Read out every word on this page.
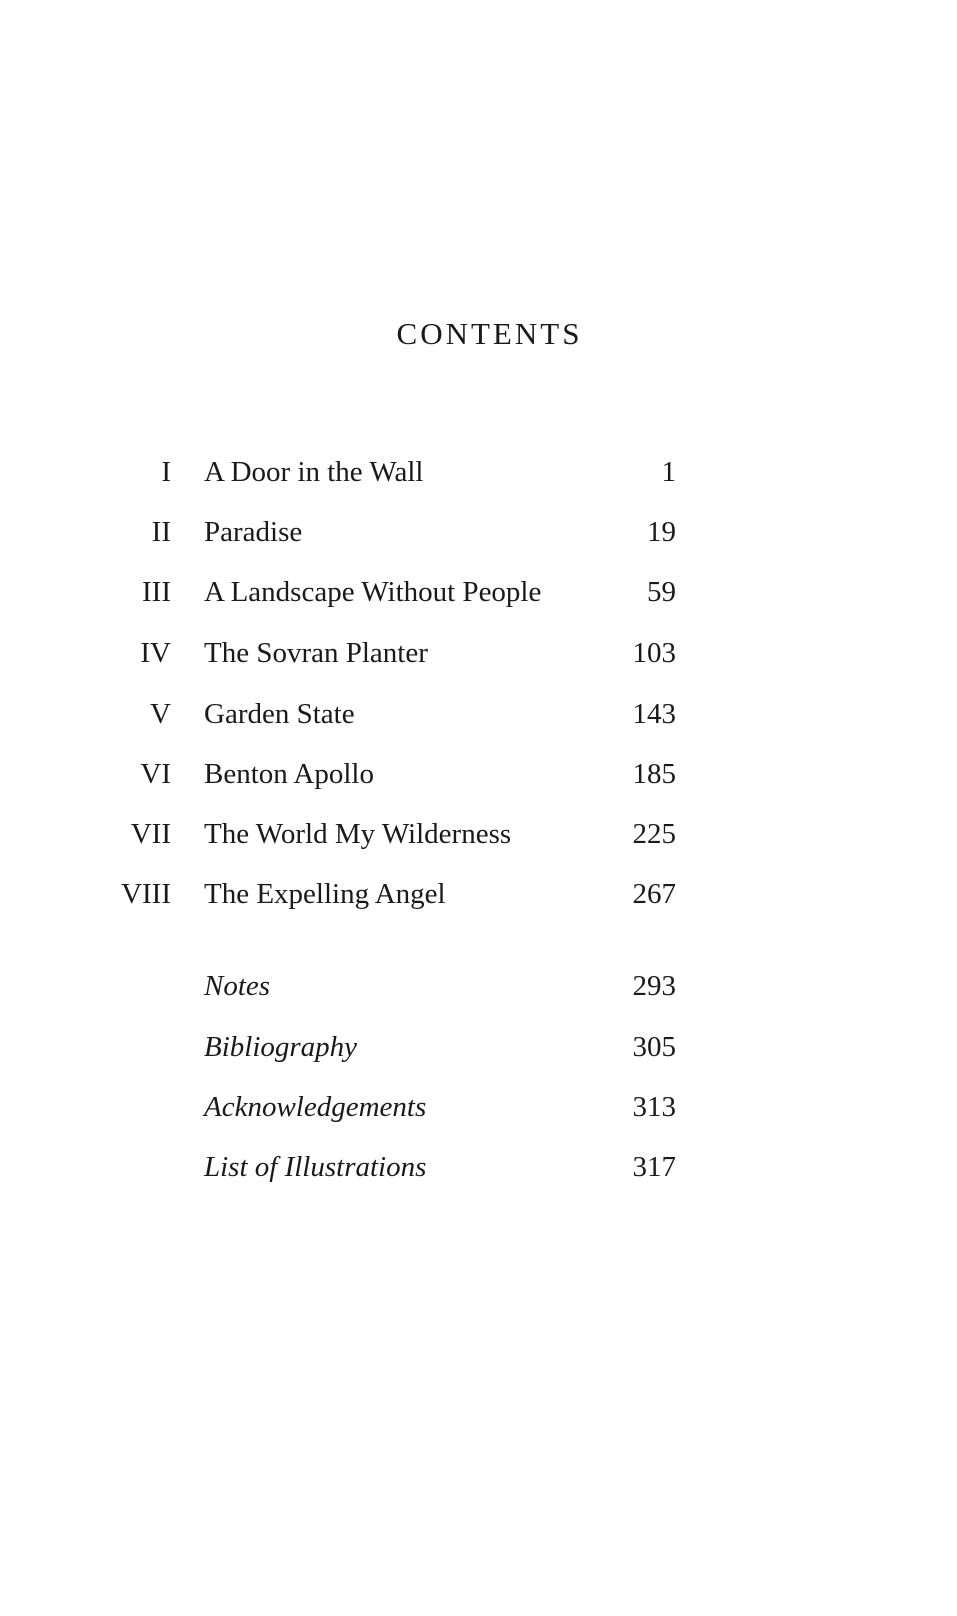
CONTENTS
I A Door in the Wall	1
II Paradise	19
III A Landscape Without People	59
IV The Sovran Planter	103
V Garden State	143
VI Benton Apollo	185
VII The World My Wilderness	225
VIII The Expelling Angel	267
Notes	293
Bibliography	305
Acknowledgements	313
List of Illustrations	317
